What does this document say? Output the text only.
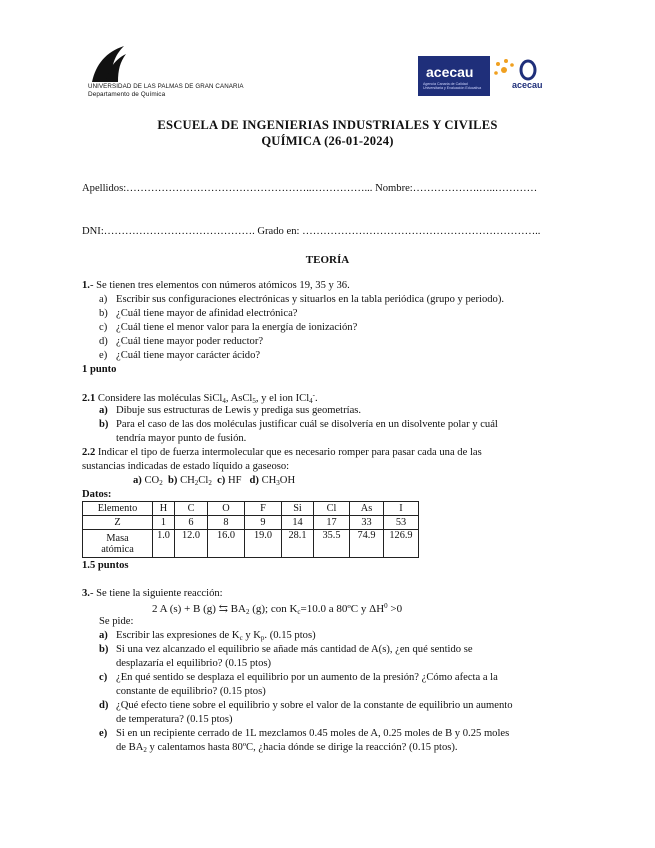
UNIVERSIDAD DE LAS PALMAS DE GRAN CANARIA
Departamento de Química
acecau
Agencia Canaria de Calidad Universitaria y Evaluación Educativa	acecau
ESCUELA DE INGENIERIAS INDUSTRIALES Y CIVILES
QUÍMICA (26-01-2024)
Apellidos:……………………………………………..……………... Nombre:……………….…..…………
DNI:……………………………………. Grado en: …………………………………………………………..
TEORÍA
1.- Se tienen tres elementos con números atómicos 19, 35 y 36.
a) Escribir sus configuraciones electrónicas y situarlos en la tabla periódica (grupo y periodo).
b) ¿Cuál tiene mayor de afinidad electrónica?
c) ¿Cuál tiene el menor valor para la energía de ionización?
d) ¿Cuál tiene mayor poder reductor?
e) ¿Cuál tiene mayor carácter ácido?
1 punto
2.1 Considere las moléculas SiCl$_4$, AsCl$_5$, y el ion ICl$_4$-.
a) Dibuje sus estructuras de Lewis y prediga sus geometrías.
b) Para el caso de las dos moléculas justificar cuál se disolvería en un disolvente polar y cuál
tendría mayor punto de fusión.
2.2 Indicar el tipo de fuerza intermolecular que es necesario romper para pasar cada una de las
sustancias indicadas de estado líquido a gaseoso:
a) $CO_2$ b) $CH_2Cl_2$ c) HF d) $CH_3OH$
Datos:
Elemento	H	C	O	F	Si	Cl	As	I
Z	1	6	8	9	14	17	33	53
Masa
atómica	1.0	12.0	16.0	19.0	28.1	35.5	74.9	126.9
1.5 puntos
3.- Se tiene la siguiente reacción:
2 A (s) + B (g) ⇆ $BA_2$ (g); con $K_c=10.0$ a 80ºC y $\Delta H^0 >0$
Se pide:
a) Escribir las expresiones de $K_c$ y $K_p$. (0.15 ptos)
b) Si una vez alcanzado el equilibrio se añade más cantidad de A(s), ¿en qué sentido se
desplazaría el equilibrio? (0.15 ptos)
c) ¿En qué sentido se desplaza el equilibrio por un aumento de la presión? ¿Cómo afecta a la
constante de equilibrio? (0.15 ptos)
d) ¿Qué efecto tiene sobre el equilibrio y sobre el valor de la constante de equilibrio un aumento
de temperatura? (0.15 ptos)
e) Si en un recipiente cerrado de 1L mezclamos 0.45 moles de A, 0.25 moles de B y 0.25 moles
de $BA_2$ y calentamos hasta 80ºC, ¿hacia dónde se dirige la reacción? (0.15 ptos).
